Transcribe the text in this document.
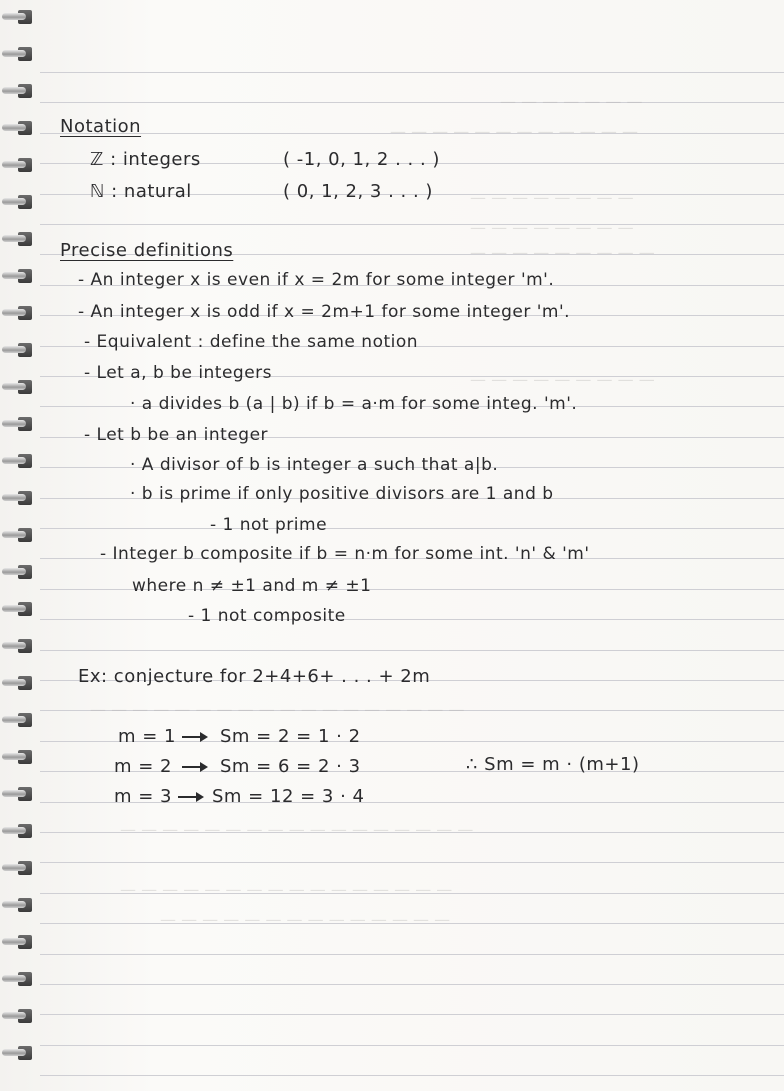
— — — — — — —
— — — — — — — — — — — —
— — — — — — — —
— — — — — — — —
— — — — — — — — —
— — — — — — — — —
— — — — — — — — — — — — — — — — — —
— — — — — — — — — — — — — — — — —
— — — — — — — — — — — — — — — —
— — — — — — — — — — — — — —
Notation
ℤ : integers	( -1, 0, 1, 2 . . . )
ℕ : natural	( 0, 1, 2, 3 . . . )
Precise definitions
- An integer x is even if x = 2m for some integer 'm'.
- An integer x is odd if x = 2m+1 for some integer 'm'.
- Equivalent : define the same notion
- Let a, b be integers
· a divides b (a | b) if b = a·m for some integ. 'm'.
- Let b be an integer
· A divisor of b is integer a such that a|b.
· b is prime if only positive divisors are 1 and b
- 1 not prime
- Integer b composite if b = n·m for some int. 'n' & 'm'
where n ≠ ±1 and m ≠ ±1
- 1 not composite
Ex: conjecture for 2+4+6+ . . . + 2m
m = 1 Sm = 2 = 1 · 2
m = 2	Sm = 6 = 2 · 3	∴ Sm = m · (m+1)
m = 3 Sm = 12 = 3 · 4
